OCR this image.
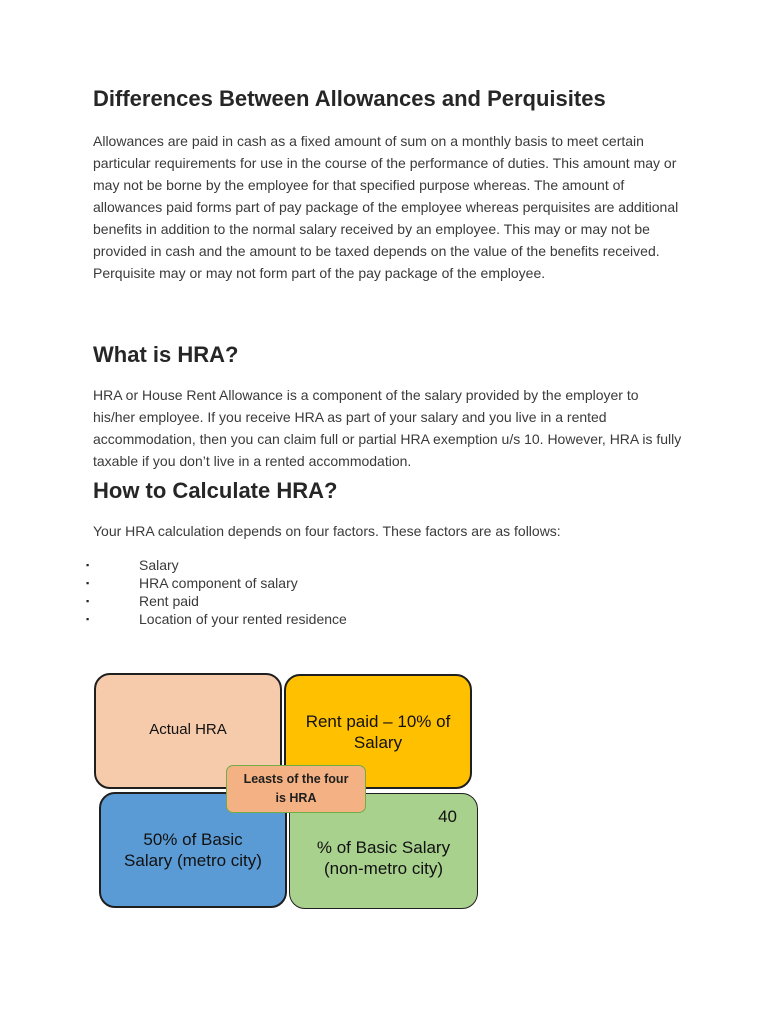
Differences Between Allowances and Perquisites

Allowances are paid in cash as a fixed amount of sum on a monthly basis to meet certain particular requirements for use in the course of the performance of duties. This amount may or may not be borne by the employee for that specified purpose whereas. The amount of allowances paid forms part of pay package of the employee whereas perquisites are additional benefits in addition to the normal salary received by an employee. This may or may not be provided in cash and the amount to be taxed depends on the value of the benefits received. Perquisite may or may not form part of the pay package of the employee.

What is HRA?

HRA or House Rent Allowance is a component of the salary provided by the employer to his/her employee. If you receive HRA as part of your salary and you live in a rented accommodation, then you can claim full or partial HRA exemption u/s 10. However, HRA is fully taxable if you don’t live in a rented accommodation.

How to Calculate HRA?

Your HRA calculation depends on four factors. These factors are as follows:

▪	Salary
▪	HRA component of salary
▪	Rent paid
▪	Location of your rented residence
Actual HRA	Rent paid – 10% of
Salary
50% of Basic
Salary (metro city)
40
% of Basic Salary
(non-metro city)
Leasts of the four
is HRA
